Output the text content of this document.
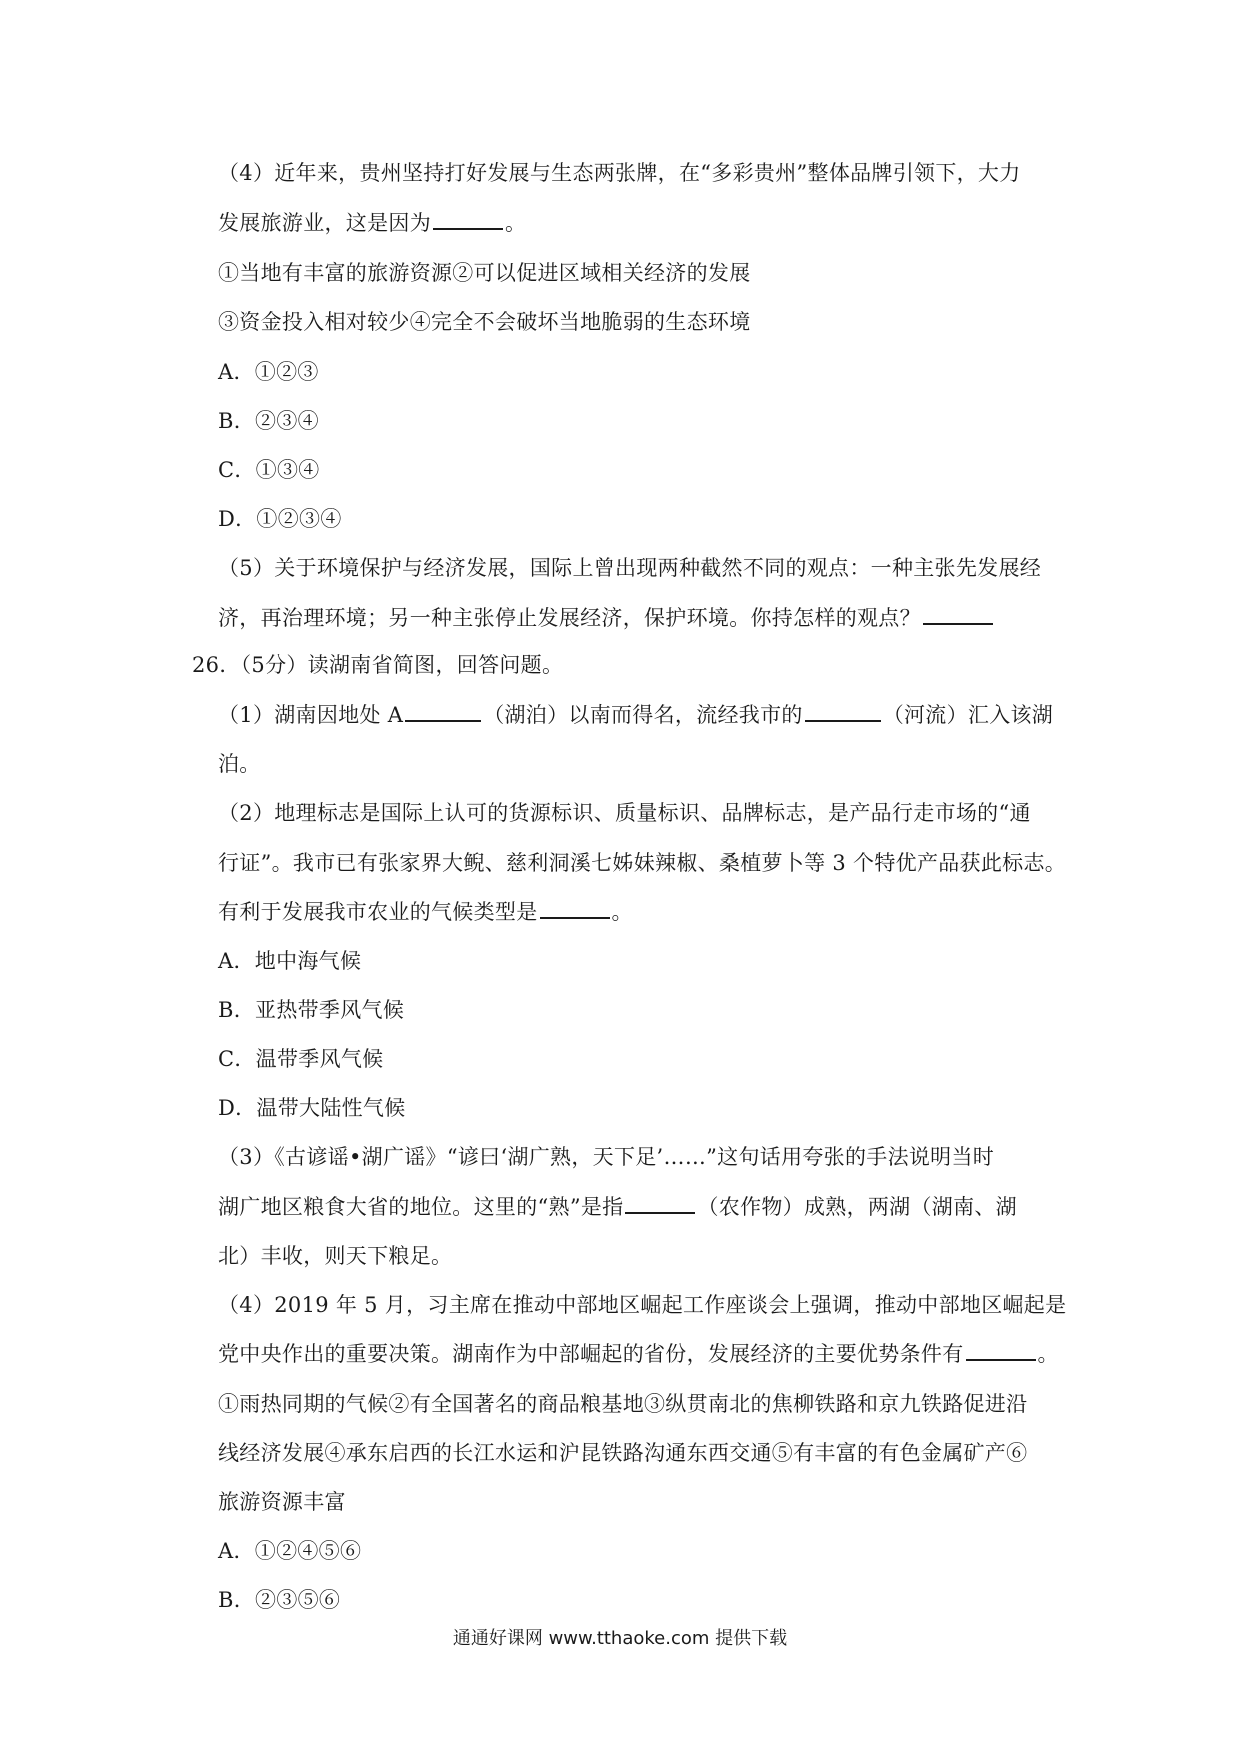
（4）近年来，贵州坚持打好发展与生态两张牌，在“多彩贵州”整体品牌引领下，大力
发展旅游业，这是因为	。
①当地有丰富的旅游资源②可以促进区域相关经济的发展
③资金投入相对较少④完全不会破坏当地脆弱的生态环境
A．①②③
B．②③④
C．①③④
D．①②③④
（5）关于环境保护与经济发展，国际上曾出现两种截然不同的观点：一种主张先发展经
济，再治理环境；另一种主张停止发展经济，保护环境。你持怎样的观点？
26．（5分）读湖南省简图，回答问题。
（1）湖南因地处 A	（湖泊）以南而得名，流经我市的	（河流）汇入该湖
泊。
（2）地理标志是国际上认可的货源标识、质量标识、品牌标志，是产品行走市场的“通
行证”。我市已有张家界大鲵、慈利洞溪七姊妹辣椒、桑植萝卜等 3 个特优产品获此标志。
有利于发展我市农业的气候类型是	。
A．地中海气候
B．亚热带季风气候
C．温带季风气候
D．温带大陆性气候
（3）《古谚谣•湖广谣》“谚曰‘湖广熟，天下足’……”这句话用夸张的手法说明当时
湖广地区粮食大省的地位。这里的“熟”是指	（农作物）成熟，两湖（湖南、湖
北）丰收，则天下粮足。
（4）2019 年 5 月，习主席在推动中部地区崛起工作座谈会上强调，推动中部地区崛起是
党中央作出的重要决策。湖南作为中部崛起的省份，发展经济的主要优势条件有	。
①雨热同期的气候②有全国著名的商品粮基地③纵贯南北的焦柳铁路和京九铁路促进沿
线经济发展④承东启西的长江水运和沪昆铁路沟通东西交通⑤有丰富的有色金属矿产⑥
旅游资源丰富
A．①②④⑤⑥
B．②③⑤⑥
通通好课网 www.tthaoke.com 提供下载
